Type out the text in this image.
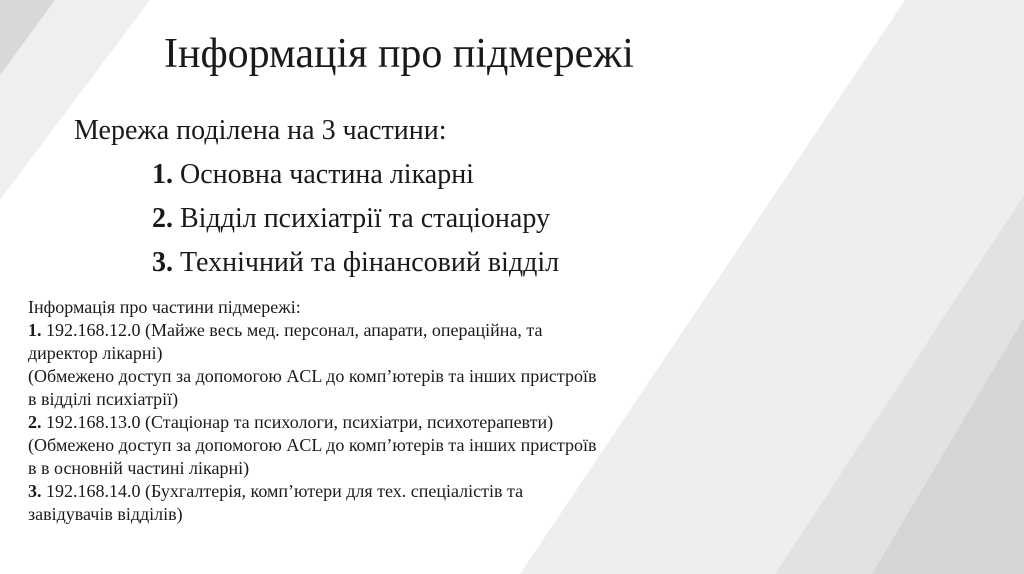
Інформація про підмережі

Мережа поділена на 3 частини:

1. Основна частина лікарні
2. Відділ психіатрії та стаціонару
3. Технічний та фінансовий відділ

Інформація про частини підмережі:

1. 192.168.12.0 (Майже весь мед. персонал, апарати, операційна, та директор лікарні)

(Обмежено доступ за допомогою ACL до комп’ютерів та інших пристроїв в відділі психіатрії)

2. 192.168.13.0 (Стаціонар та психологи, психіатри, психотерапевти)

(Обмежено доступ за допомогою ACL до комп’ютерів та інших пристроїв в в основній частині лікарні)

3. 192.168.14.0 (Бухгалтерія, комп’ютери для тех. спеціалістів та завідувачів відділів)
